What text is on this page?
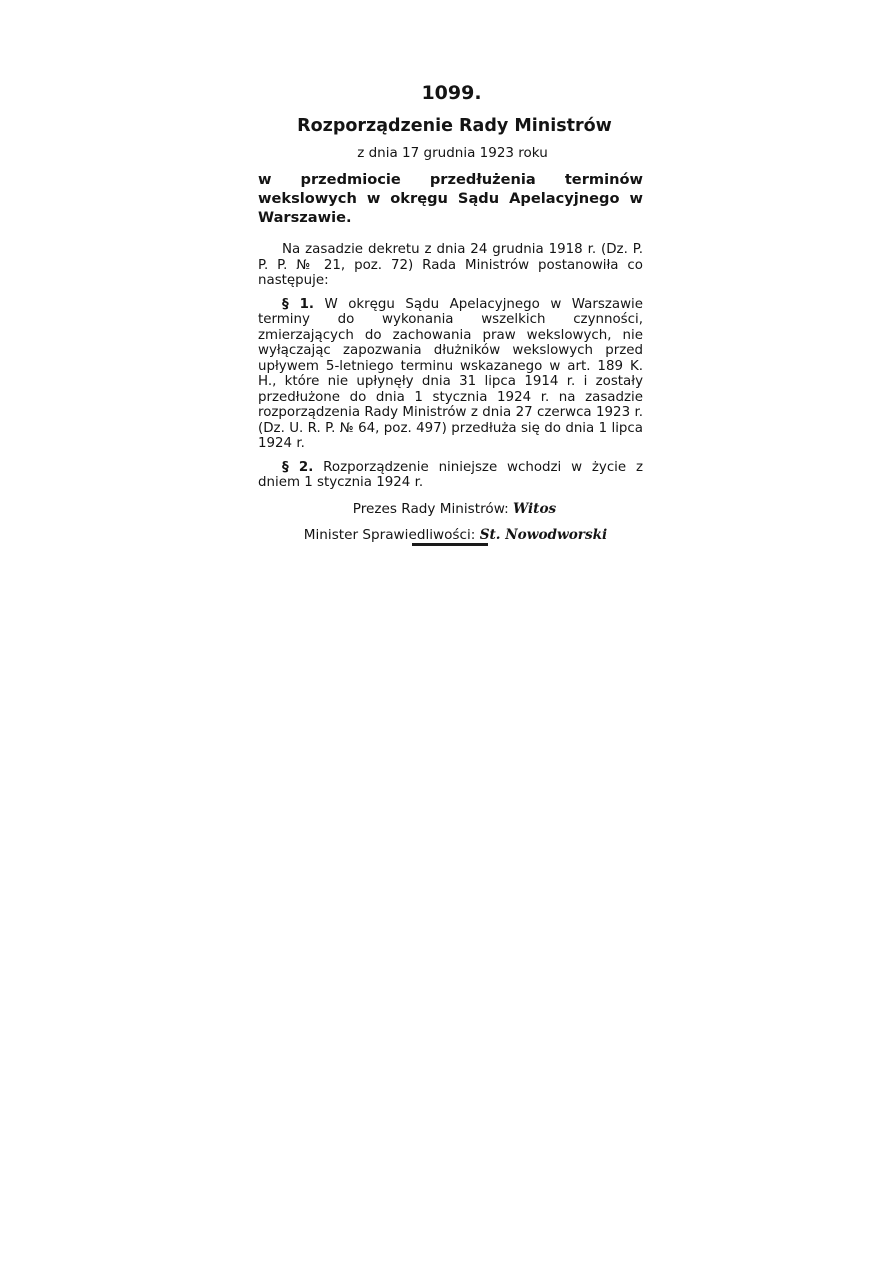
1099.
Rozporządzenie Rady Ministrów
z dnia 17 grudnia 1923 roku
w przedmiocie przedłużenia terminów wekslowych w okręgu Sądu Apelacyjnego w Warszawie.

Na zasadzie dekretu z dnia 24 grudnia 1918 r. (Dz. P. P. P. № 21, poz. 72) Rada Ministrów postanowiła co następuje:

§ 1. W okręgu Sądu Apelacyjnego w Warszawie terminy do wykonania wszelkich czynności, zmierzających do zachowania praw wekslowych, nie wyłączając zapozwania dłużników wekslowych przed upływem 5-letniego terminu wskazanego w art. 189 K. H., które nie upłynęły dnia 31 lipca 1914 r. i zostały przedłużone do dnia 1 stycznia 1924 r. na zasadzie rozporządzenia Rady Ministrów z dnia 27 czerwca 1923 r. (Dz. U. R. P. № 64, poz. 497) przedłuża się do dnia 1 lipca 1924 r.

§ 2. Rozporządzenie niniejsze wchodzi w życie z dniem 1 stycznia 1924 r.

Prezes Rady Ministrów: Witos

Minister Sprawiedliwości: St. Nowodworski
